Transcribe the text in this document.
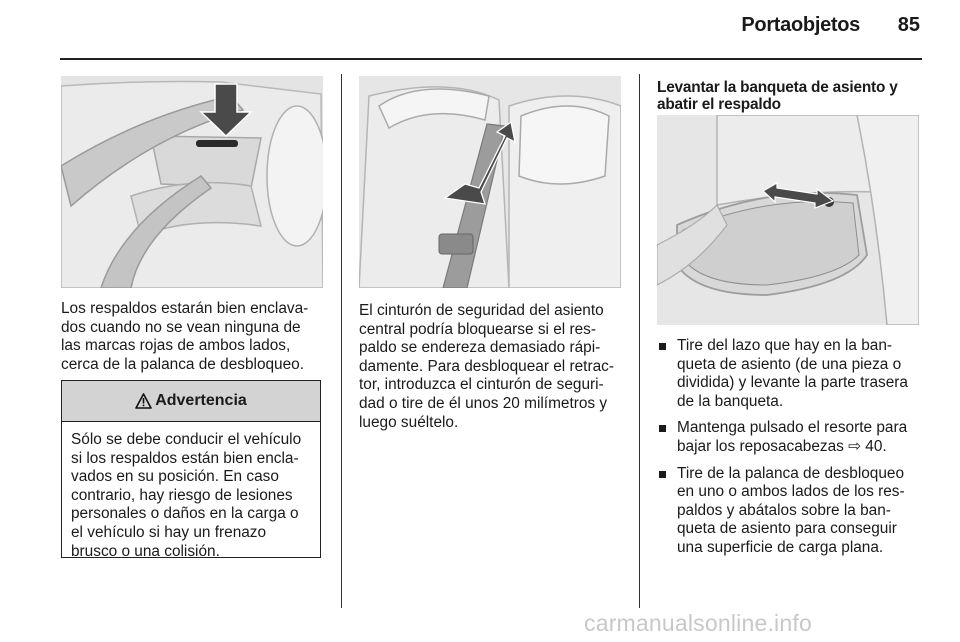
Portaobjetos	85
Los respaldos estarán bien enclava-
dos cuando no se vean ninguna de
las marcas rojas de ambos lados,
cerca de la palanca de desbloqueo.
Advertencia
Sólo se debe conducir el vehículo
si los respaldos están bien encla-
vados en su posición. En caso
contrario, hay riesgo de lesiones
personales o daños en la carga o
el vehículo si hay un frenazo
brusco o una colisión.
El cinturón de seguridad del asiento
central podría bloquearse si el res-
paldo se endereza demasiado rápi-
damente. Para desbloquear el retrac-
tor, introduzca el cinturón de seguri-
dad o tire de él unos 20 milímetros y
luego suéltelo.
Levantar la banqueta de asiento y
abatir el respaldo
Tire del lazo que hay en la ban-
queta de asiento (de una pieza o
dividida) y levante la parte trasera
de la banqueta.
Mantenga pulsado el resorte para
bajar los reposacabezas ⇨ 40.
Tire de la palanca de desbloqueo
en uno o ambos lados de los res-
paldos y abátalos sobre la ban-
queta de asiento para conseguir
una superficie de carga plana.
carmanualsonline.info
